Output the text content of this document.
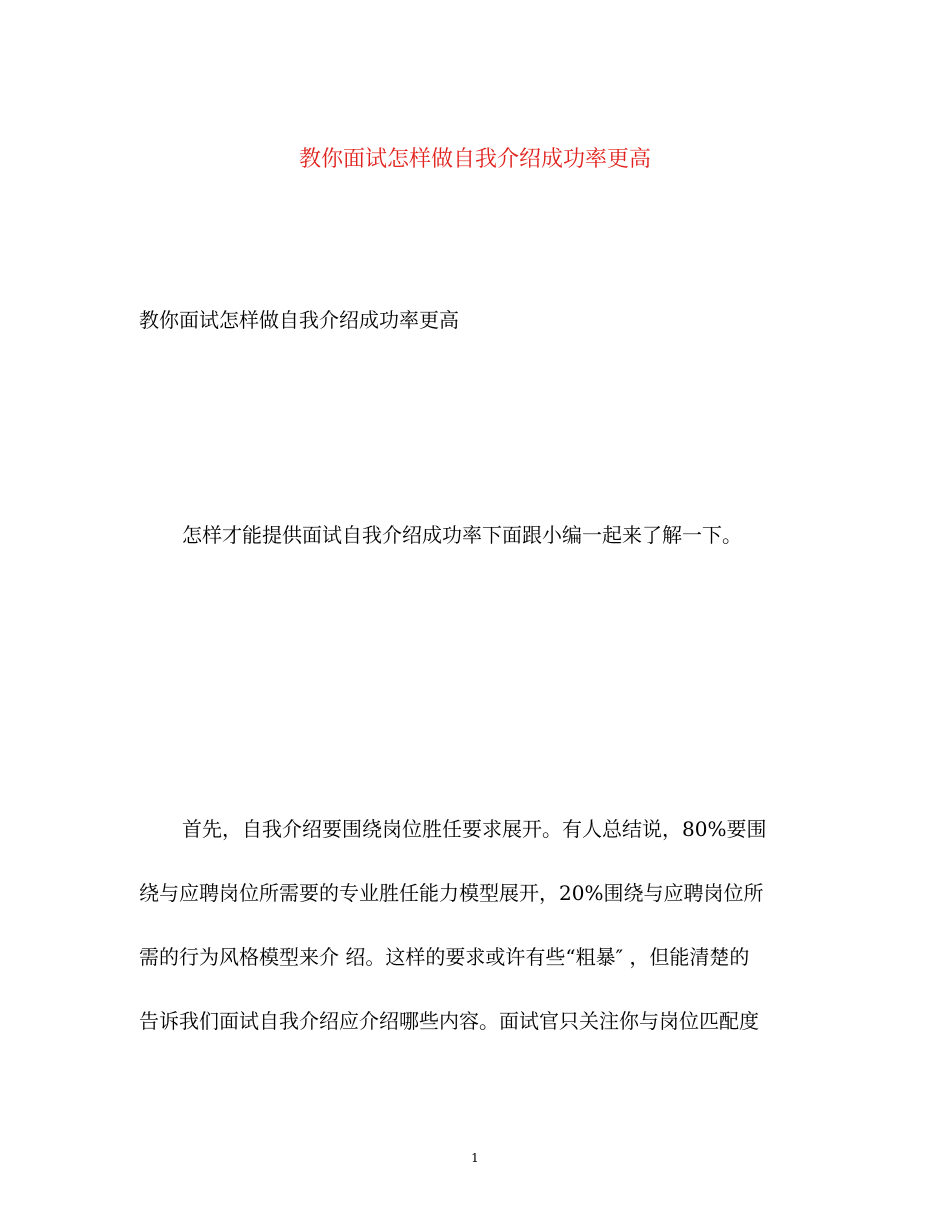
教你面试怎样做自我介绍成功率更高
教你面试怎样做自我介绍成功率更高
怎样才能提供面试自我介绍成功率下面跟小编一起来了解一下。
首先，自我介绍要围绕岗位胜任要求展开。有人总结说，80%要围
绕与应聘岗位所需要的专业胜任能力模型展开，20%围绕与应聘岗位所
需的行为风格模型来介 绍。这样的要求或许有些“粗暴″ ，但能清楚的
告诉我们面试自我介绍应介绍哪些内容。面试官只关注你与岗位匹配度
1
